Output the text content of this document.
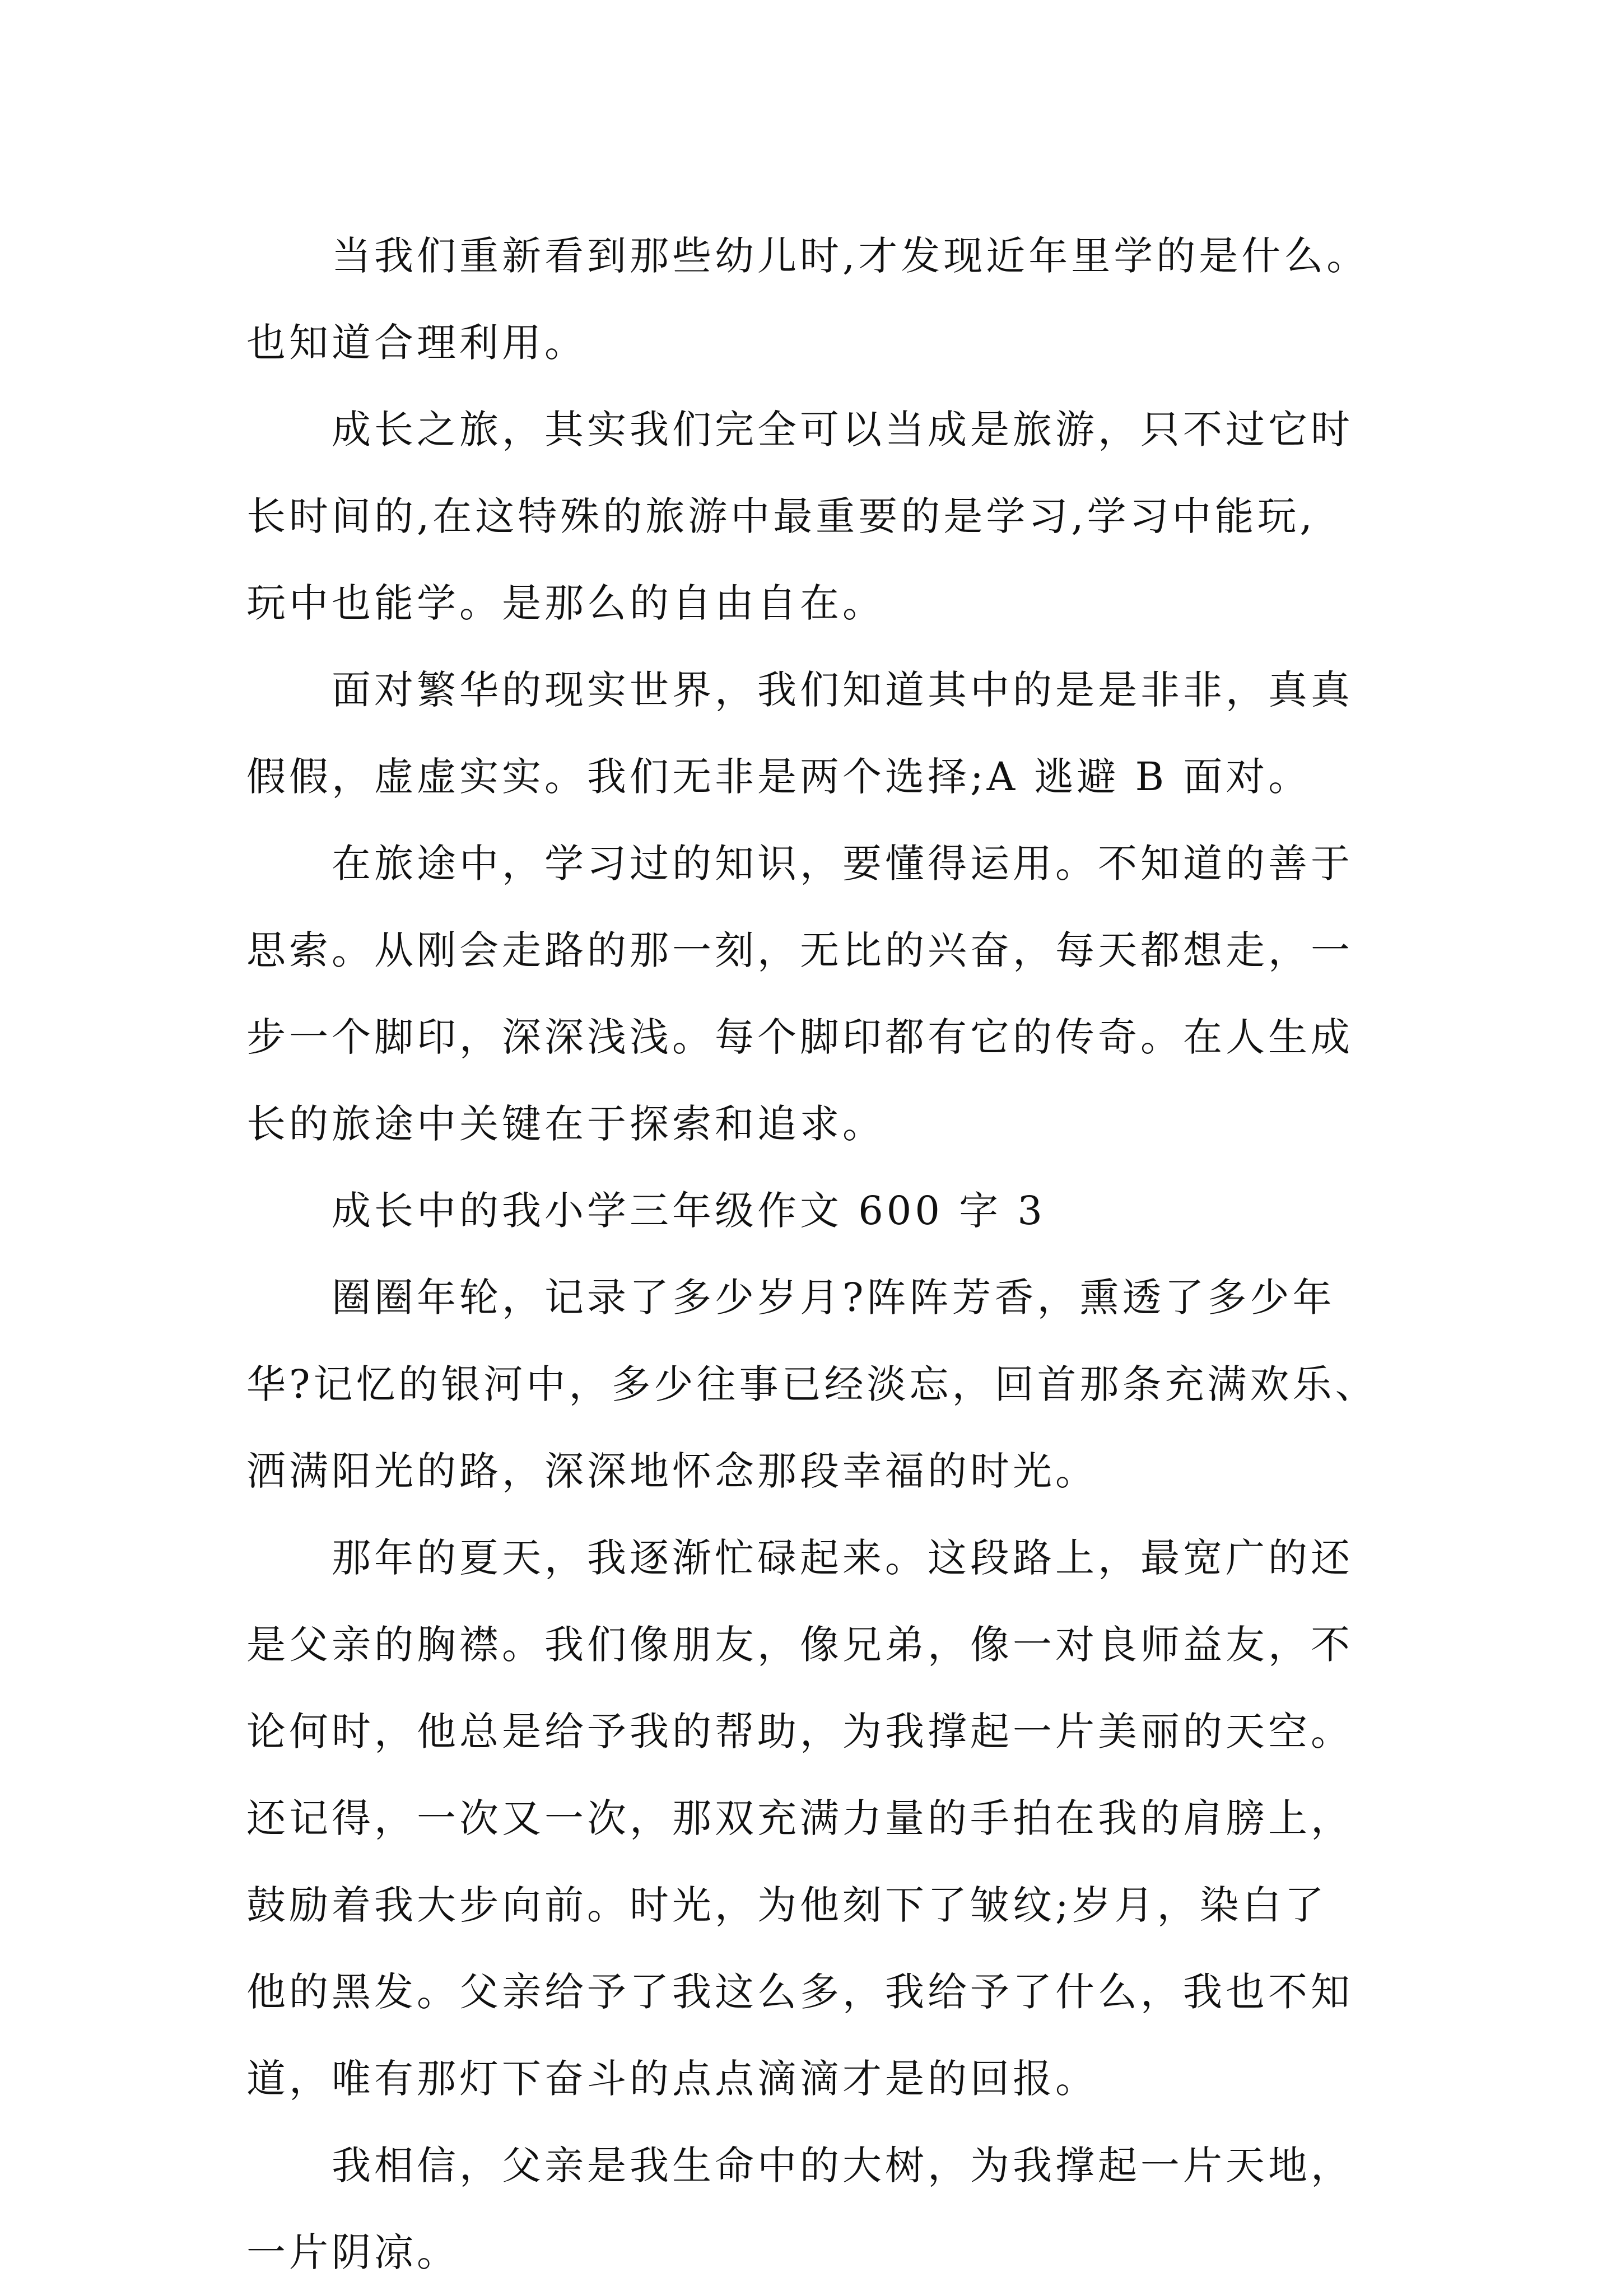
当我们重新看到那些幼儿时,才发现近年里学的是什么。
也知道合理利用。
成长之旅，其实我们完全可以当成是旅游，只不过它时
长时间的,在这特殊的旅游中最重要的是学习,学习中能玩,
玩中也能学。是那么的自由自在。
面对繁华的现实世界，我们知道其中的是是非非，真真
假假，虚虚实实。我们无非是两个选择;A 逃避 B 面对。
在旅途中，学习过的知识，要懂得运用。不知道的善于
思索。从刚会走路的那一刻，无比的兴奋，每天都想走，一
步一个脚印，深深浅浅。每个脚印都有它的传奇。在人生成
长的旅途中关键在于探索和追求。
成长中的我小学三年级作文 600 字 3
圈圈年轮，记录了多少岁月?阵阵芳香，熏透了多少年
华?记忆的银河中，多少往事已经淡忘，回首那条充满欢乐、
洒满阳光的路，深深地怀念那段幸福的时光。
那年的夏天，我逐渐忙碌起来。这段路上，最宽广的还
是父亲的胸襟。我们像朋友，像兄弟，像一对良师益友，不
论何时，他总是给予我的帮助，为我撑起一片美丽的天空。
还记得，一次又一次，那双充满力量的手拍在我的肩膀上，
鼓励着我大步向前。时光，为他刻下了皱纹;岁月，染白了
他的黑发。父亲给予了我这么多，我给予了什么，我也不知
道，唯有那灯下奋斗的点点滴滴才是的回报。
我相信，父亲是我生命中的大树，为我撑起一片天地，
一片阴凉。
